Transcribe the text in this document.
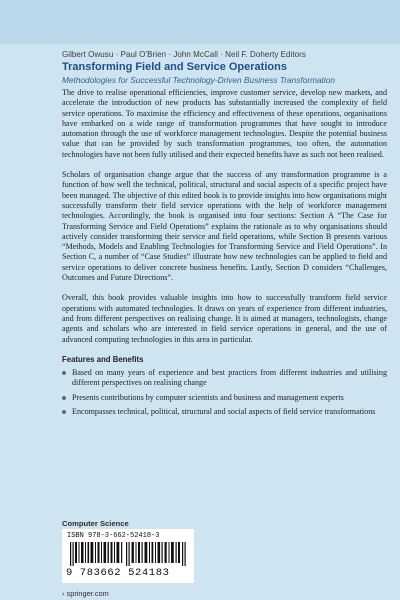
Gilbert Owusu · Paul O’Brien · John McCall · Neil F. Doherty Editors
Transforming Field and Service Operations
Methodologies for Successful Technology-Driven Business Transformation

The drive to realise operational efficiencies, improve customer service, develop new markets, and accelerate the introduction of new products has substantially increased the complexity of field service operations. To maximise the efficiency and effectiveness of these operations, organisations have embarked on a wide range of transformation programmes that have sought to introduce automation through the use of workforce management technologies. Despite the potential business value that can be provided by such transformation programmes, too often, the automation technologies have not been fully utilised and their expected benefits have as such not been realised.

Scholars of organisation change argue that the success of any transformation programme is a function of how well the technical, political, structural and social aspects of a specific project have been managed. The objective of this edited book is to provide insights into how organisations might successfully transform their field service operations with the help of workforce management technologies. Accordingly, the book is organised into four sections: Section A “The Case for Transforming Service and Field Operations” explains the rationale as to why organisations should actively consider transforming their service and field operations, while Section B presents various “Methods, Models and Enabling Technologies for Transforming Service and Field Operations”. In Section C, a number of “Case Studies” illustrate how new technologies can be applied to field and service operations to deliver concrete business benefits. Lastly, Section D considers “Challenges, Outcomes and Future Directions”.

Overall, this book provides valuable insights into how to successfully transform field service operations with automated technologies. It draws on years of experience from different industries, and from different perspectives on realising change. It is aimed at managers, technologists, change agents and scholars who are interested in field service operations in general, and the use of advanced computing technologies in this area in particular.

Features and Benefits
Based on many years of experience and best practices from different industries and utilising different perspectives on realising change
Presents contributions by computer scientists and business and management experts
Encompasses technical, political, structural and social aspects of field service transformations
Computer Science
ISBN 978-3-662-52418-3
9 783662 524183
› springer.com
